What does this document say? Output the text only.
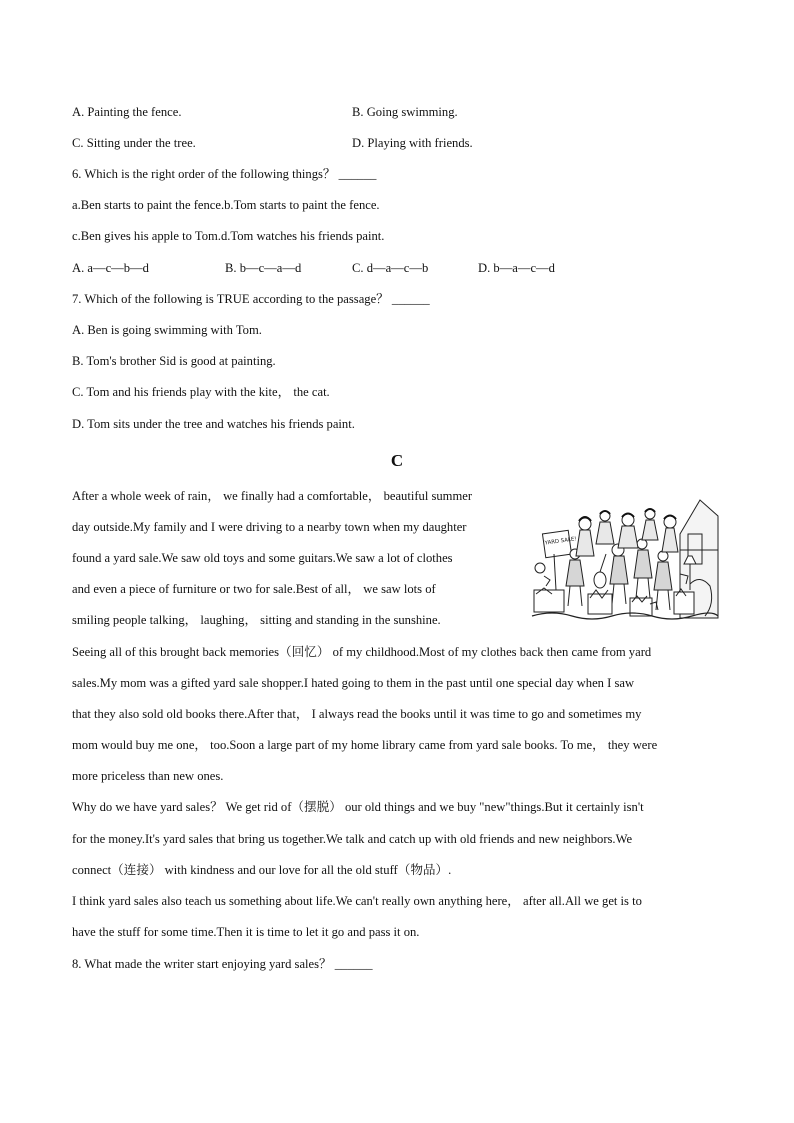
A. Painting the fence.	B. Going swimming.
C. Sitting under the tree.	D. Playing with friends.
6. Which is the right order of the following things？ ______
a.Ben starts to paint the fence.b.Tom starts to paint the fence.
c.Ben gives his apple to Tom.d.Tom watches his friends paint.
A. a—c—b—d	B. b—c—a—d	C. d—a—c—b	D. b—a—c—d
7. Which of the following is TRUE according to the passage？ ______
A. Ben is going swimming with Tom.
B. Tom's brother Sid is good at painting.
C. Tom and his friends play with the kite， the cat.
D. Tom sits under the tree and watches his friends paint.
C
YARD SALE!
After a whole week of rain， we finally had a comfortable， beautiful summer
day outside.My family and I were driving to a nearby town when my daughter
found a yard sale.We saw old toys and some guitars.We saw a lot of clothes
and even a piece of furniture or two for sale.Best of all， we saw lots of
smiling people talking， laughing， sitting and standing in the sunshine.
Seeing all of this brought back memories（回忆） of my childhood.Most of my clothes back then came from yard
sales.My mom was a gifted yard sale shopper.I hated going to them in the past until one special day when I saw
that they also sold old books there.After that， I always read the books until it was time to go and sometimes my
mom would buy me one， too.Soon a large part of my home library came from yard sale books. To me， they were
more priceless than new ones.
Why do we have yard sales？ We get rid of（摆脱） our old things and we buy "new"things.But it certainly isn't
for the money.It's yard sales that bring us together.We talk and catch up with old friends and new neighbors.We
connect（连接） with kindness and our love for all the old stuff（物品）.
I think yard sales also teach us something about life.We can't really own anything here， after all.All we get is to
have the stuff for some time.Then it is time to let it go and pass it on.
8. What made the writer start enjoying yard sales？ ______
